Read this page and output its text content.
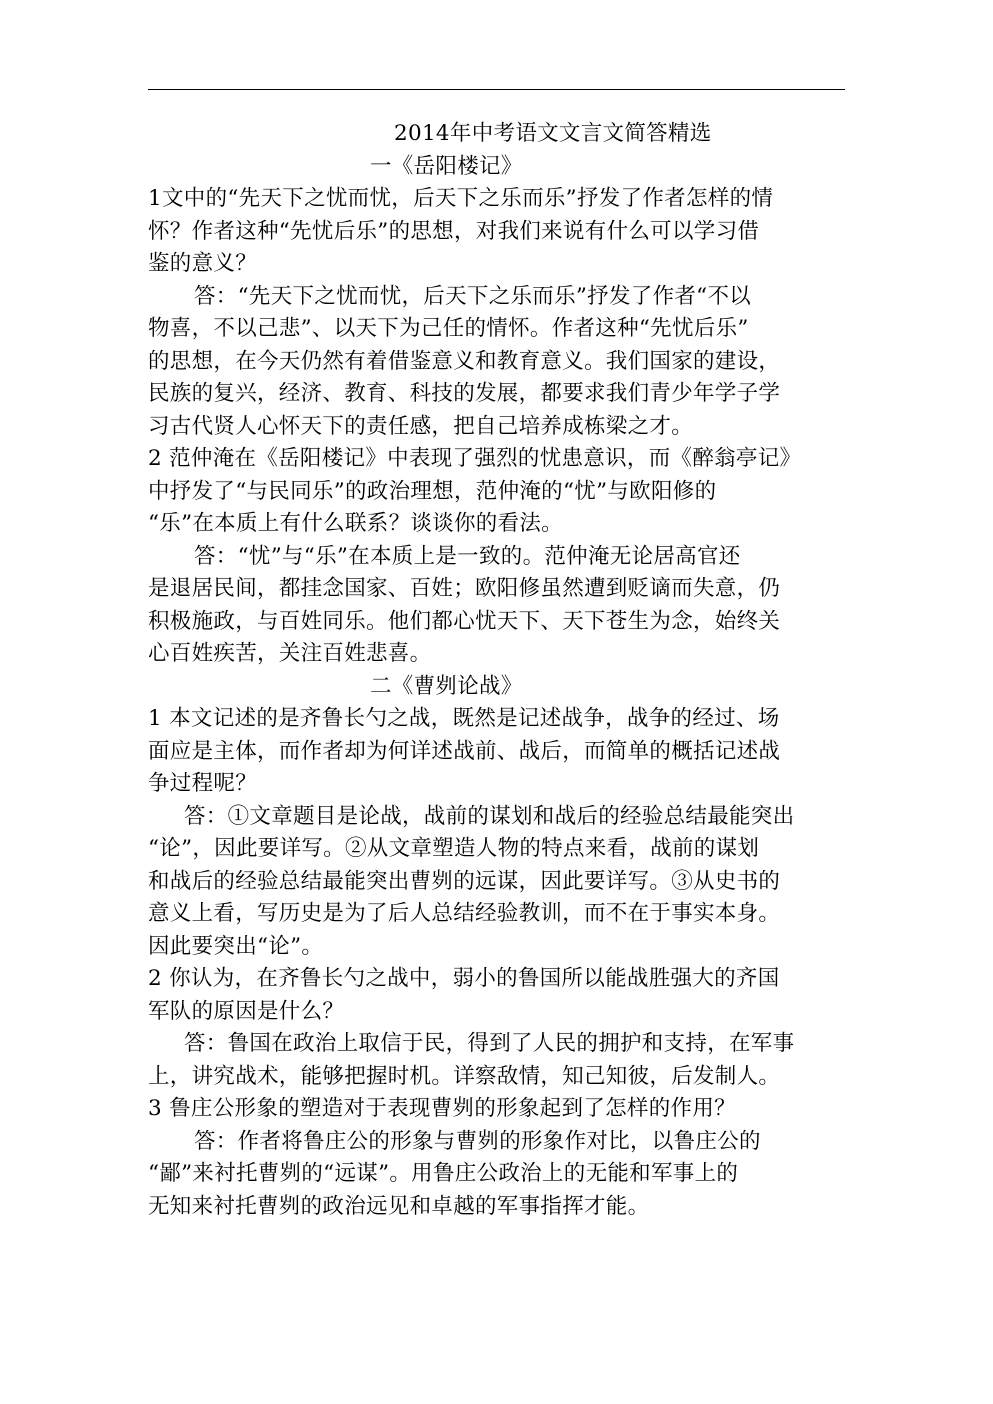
2014年中考语文文言文简答精选
一《岳阳楼记》
1文中的“先天下之忧而忧，后天下之乐而乐”抒发了作者怎样的情
怀？作者这种“先忧后乐”的思想，对我们来说有什么可以学习借
鉴的意义？
答：“先天下之忧而忧，后天下之乐而乐”抒发了作者“不以
物喜，不以己悲”、以天下为己任的情怀。作者这种“先忧后乐”
的思想，在今天仍然有着借鉴意义和教育意义。我们国家的建设，
民族的复兴，经济、教育、科技的发展，都要求我们青少年学子学
习古代贤人心怀天下的责任感，把自己培养成栋梁之才。
2 范仲淹在《岳阳楼记》中表现了强烈的忧患意识，而《醉翁亭记》
中抒发了“与民同乐”的政治理想，范仲淹的“忧”与欧阳修的
“乐”在本质上有什么联系？谈谈你的看法。
答：“忧”与“乐”在本质上是一致的。范仲淹无论居高官还
是退居民间，都挂念国家、百姓；欧阳修虽然遭到贬谪而失意，仍
积极施政，与百姓同乐。他们都心忧天下、天下苍生为念，始终关
心百姓疾苦，关注百姓悲喜。
二《曹刿论战》
1 本文记述的是齐鲁长勺之战，既然是记述战争，战争的经过、场
面应是主体，而作者却为何详述战前、战后，而简单的概括记述战
争过程呢？
答：①文章题目是论战，战前的谋划和战后的经验总结最能突出
“论”，因此要详写。②从文章塑造人物的特点来看，战前的谋划
和战后的经验总结最能突出曹刿的远谋，因此要详写。③从史书的
意义上看，写历史是为了后人总结经验教训，而不在于事实本身。
因此要突出“论”。
2 你认为，在齐鲁长勺之战中，弱小的鲁国所以能战胜强大的齐国
军队的原因是什么？
答：鲁国在政治上取信于民，得到了人民的拥护和支持，在军事
上，讲究战术，能够把握时机。详察敌情，知己知彼，后发制人。
3 鲁庄公形象的塑造对于表现曹刿的形象起到了怎样的作用？
答：作者将鲁庄公的形象与曹刿的形象作对比，以鲁庄公的
“鄙”来衬托曹刿的“远谋”。用鲁庄公政治上的无能和军事上的
无知来衬托曹刿的政治远见和卓越的军事指挥才能。
